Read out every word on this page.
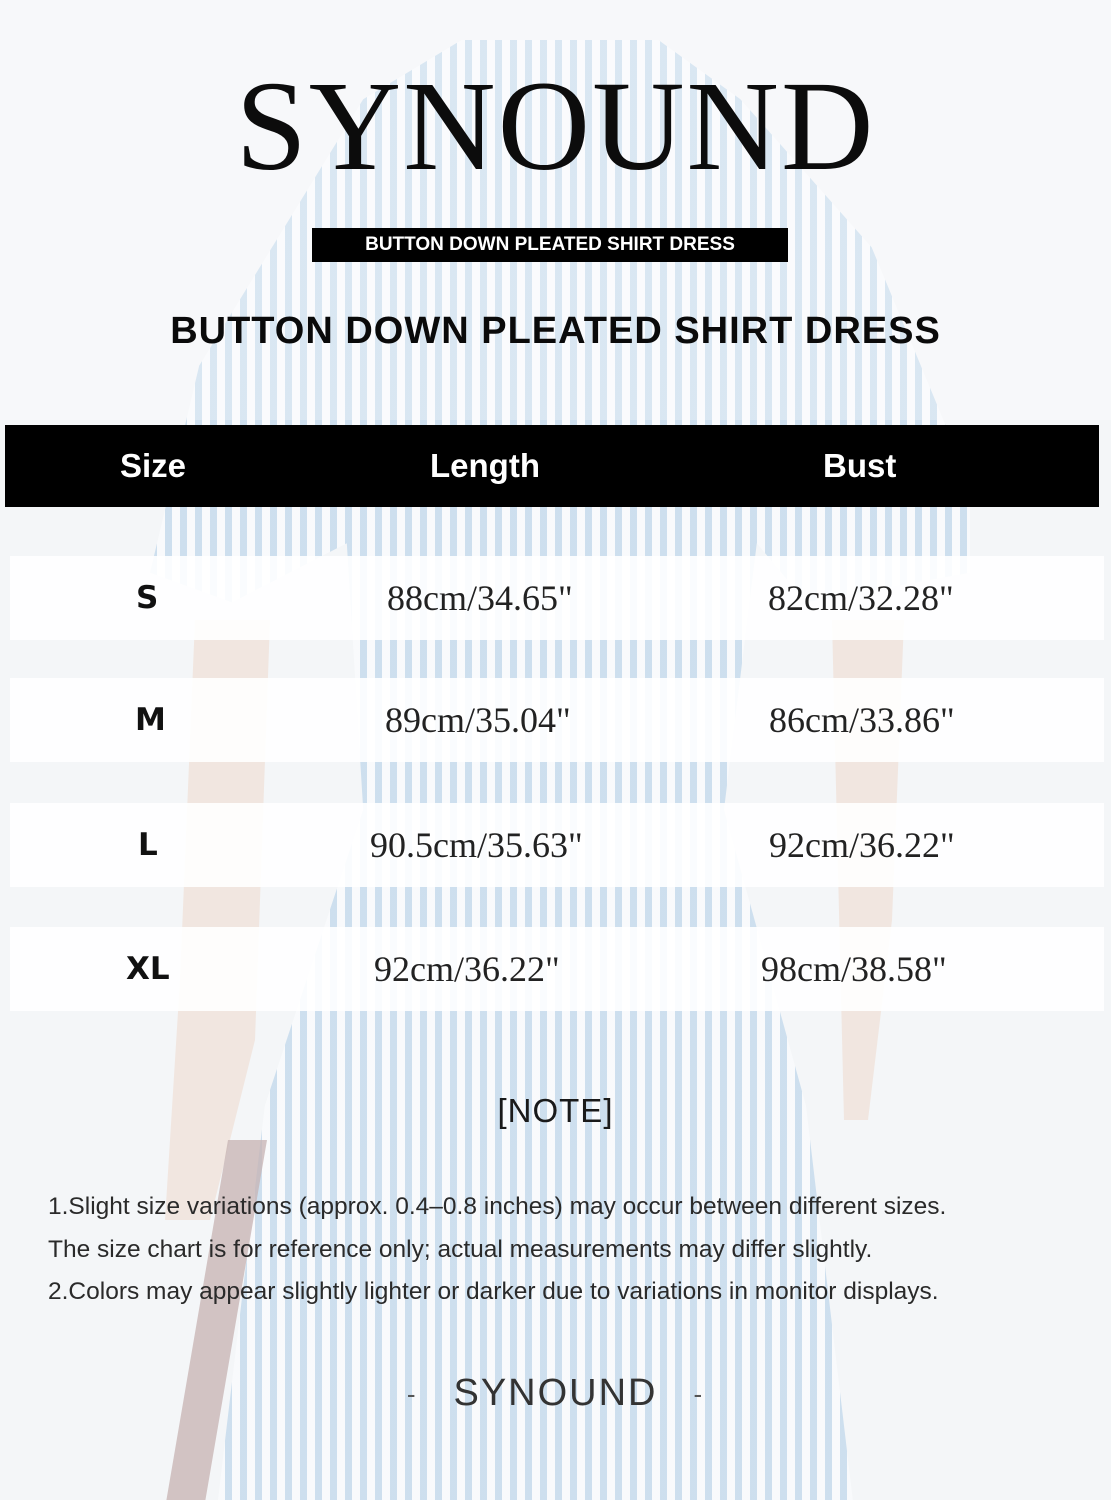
SYNOUND
BUTTON DOWN PLEATED SHIRT DRESS
BUTTON DOWN PLEATED SHIRT DRESS
Size	Length	Bust
S	88cm/34.65"	82cm/32.28"
M	89cm/35.04"	86cm/33.86"
L	90.5cm/35.63"	92cm/36.22"
XL	92cm/36.22"	98cm/38.58"
[NOTE]
1.Slight size variations (approx. 0.4–0.8 inches) may occur between different sizes.
The size chart is for reference only; actual measurements may differ slightly.
2.Colors may appear slightly lighter or darker due to variations in monitor displays.
- SYNOUND -
